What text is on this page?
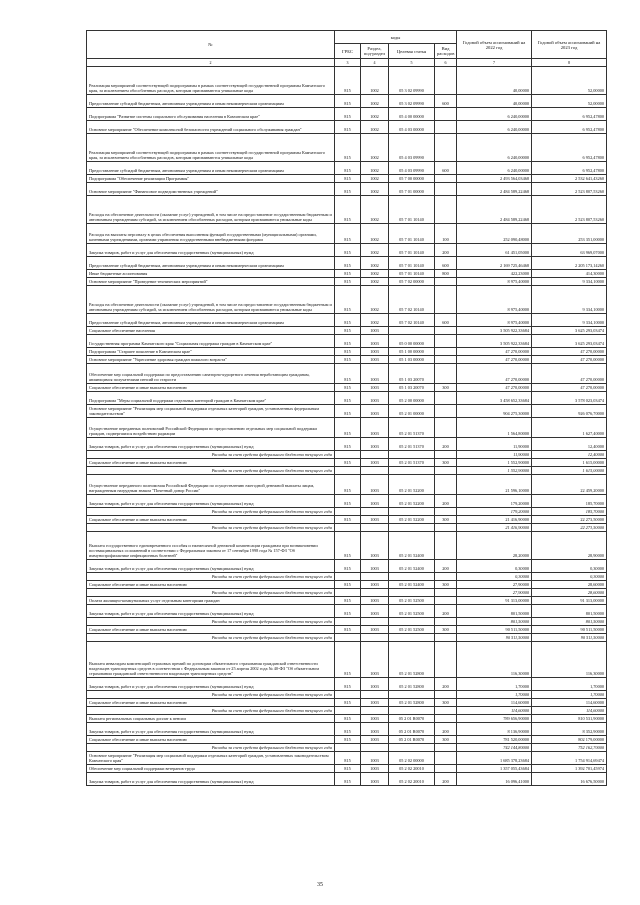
№	коды				Годовой объем ассигнований на 2022 год	Годовой объем ассигнований на 2023 год
	ГРБС	Раздел, под-раздел	Целевая статья	Вид расходов		
2	3	4	5	6	7	8
Реализация мероприятий соответствующей подпрограммы в рамках соответствующей государственной программы Камчатского края, за исключением обособленных расходов, которым присваиваются уникальные коды	815	1002	05 3 02 09990		40,00000	52,00000
Предоставление субсидий бюджетным, автономным учреждениям и иным некоммерческим организациям	815	1002	05 3 02 09990	600	40,00000	52,00000
Подпрограмма "Развитие системы социального обслуживания населения в Камчатском крае"	815	1002	05 4 00 00000		6 240,00000	6 952,47800
Основное мероприятие "Обеспечение комплексной безопасности учреждений социального обслуживания граждан"	815	1002	05 4 03 00000		6 240,00000	6 952,47800
Реализация мероприятий соответствующей подпрограммы в рамках соответствующей государственной программы Камчатского края, за исключением обособленных расходов, которым присваиваются уникальные коды	815	1002	05 4 03 09990		6 240,00000	6 952,47800
Предоставление субсидий бюджетным, автономным учреждениям и иным некоммерческим организациям	815	1002	05 4 03 09990	600	6 240,00000	6 952,47800
Подпрограмма "Обеспечение реализации Программы"	815	1002	05 7 00 00000		2 493 564,03468	2 532 641,43260
Основное мероприятие "Финансовое подведомственных учреждений"	815	1002	05 7 01 00000		2 484 589,22468	2 523 807,53260
Расходы на обеспечение деятельности (оказание услуг) учреждений, в том числе на предоставление государственным бюджетным и автономным учреждениям субсидий, за исключением обособленных расходов, которым присваиваются уникальные коды	815	1002	05 7 01 10140		2 484 589,22468	2 523 807,53260
Расходы на выплаты персоналу в целях обеспечения выполнения функций государственными (муниципальными) органами, казенными учреждениями, органами управления государственными внебюджетными фондами	815	1002	05 7 01 10140	100	252 090,48000	253 351,00000
Закупка товаров, работ и услуг для обеспечения государственных (муниципальных) нужд	815	1002	05 7 01 10140	200	61 451,05000	63 969,07000
Предоставление субсидий бюджетным, автономным учреждениям и иным некоммерческим организациям	815	1002	05 7 01 10140	600	2 169 725,46468	2 205 173,14260
Иные бюджетные ассигнования	815	1002	05 7 01 10140	800	422,23000	414,30000
Основное мероприятие "Проведение технических мероприятий"	815	1002	05 7 02 00000		8 975,40000	9 334,10000
Расходы на обеспечение деятельности (оказание услуг) учреждений, в том числе на предоставление государственным бюджетным и автономным учреждениям субсидий, за исключением обособленных расходов, которым присваиваются уникальные коды	815	1002	05 7 02 10140		8 975,40000	9 334,10000
Предоставление субсидий бюджетным, автономным учреждениям и иным некоммерческим организациям	815	1002	05 7 02 10140	600	8 975,40000	9 334,10000
Социальное обеспечение населения	815	1003			3 505 922,33684	3 625 293,03474
Государственная программа Камчатского края "Социальная поддержка граждан в Камчатском крае"	815	1003	05 0 00 00000		3 505 922,33684	3 625 293,03474
Подпрограмма "Старшее поколение в Камчатском крае"	815	1003	05 1 00 00000		47 270,00000	47 270,00000
Основное мероприятие "Укрепление здоровья граждан пожилого возраста"	815	1003	05 1 03 00000		47 270,00000	47 270,00000
Обеспечение мер социальной поддержки по предоставлению санаторно-курортного лечения неработающим гражданам, являющимся получателями пенсий по старости	815	1003	05 1 03 20070		47 270,00000	47 270,00000
Социальное обеспечение и иные выплаты населению	815	1003	05 1 03 20070	300	47 270,00000	47 270,00000
Подпрограмма "Меры социальной поддержки отдельных категорий граждан в Камчатском крае"	815	1003	05 2 00 00000		3 458 652,33684	3 578 023,03474
Основное мероприятие "Реализация мер социальной поддержки отдельных категорий граждан, установленных федеральным законодательством"	815	1003	05 2 01 00000		904 275,30000	926 076,70000
Осуществление переданных полномочий Российской Федерации по предоставлению отдельных мер социальной поддержки граждан, подвергшихся воздействию радиации	815	1003	05 2 01 51370		1 564,80000	1 627,40000
Закупка товаров, работ и услуг для обеспечения государственных (муниципальных) нужд	815	1003	05 2 01 51370	200	11,90000	12,40000
Расходы за счет средств федерального бюджета текущего года					11,90000	12,40000
Социальное обеспечение и иные выплаты населению	815	1003	05 2 01 51370	300	1 552,90000	1 615,00000
Расходы за счет средств федерального бюджета текущего года					1 552,90000	1 615,00000
Осуществление переданного полномочия Российской Федерации по осуществлению ежегодной денежной выплаты лицам, награжденным нагрудным знаком "Почетный донор России"	815	1003	05 2 01 52200		21 596,10000	22 459,20000
Закупка товаров, работ и услуг для обеспечения государственных (муниципальных) нужд	815	1003	05 2 01 52200	200	179,20000	185,70000
Расходы за счет средств федерального бюджета текущего года					179,20000	185,70000
Социальное обеспечение и иные выплаты населению	815	1003	05 2 01 52200	300	21 416,90000	22 273,50000
Расходы за счет средств федерального бюджета текущего года					21 416,90000	22 273,50000
Выплата государственного единовременного пособия и ежемесячной денежной компенсации гражданам при возникновении поствакцинальных осложнений в соответствии с Федеральным законом от 17 сентября 1998 года № 157-ФЗ "Об иммунопрофилактике инфекционных болезней"	815	1003	05 2 01 52400		28,20000	28,90000
Закупка товаров, работ и услуг для обеспечения государственных (муниципальных) нужд	815	1003	05 2 01 52400	200	0,30000	0,30000
Расходы за счет средств федерального бюджета текущего года					0,30000	0,30000
Социальное обеспечение и иные выплаты населению	815	1003	05 2 01 52400	300	27,90000	28,60000
Расходы за счет средств федерального бюджета текущего года					27,90000	28,60000
Оплата жилищно-коммунальных услуг отдельным категориям граждан	815	1003	05 2 01 52500		91 313,00000	91 313,00000
Закупка товаров, работ и услуг для обеспечения государственных (муниципальных) нужд	815	1003	05 2 01 52500	200	801,50000	801,50000
Расходы за счет средств федерального бюджета текущего года					801,50000	801,50000
Социальное обеспечение и иные выплаты населению	815	1003	05 2 01 52500	300	90 511,50000	90 511,50000
Расходы за счет средств федерального бюджета текущего года					90 511,50000	90 511,50000
Выплата инвалидам компенсаций страховых премий по договорам обязательного страхования гражданской ответственности владельцев транспортных средств в соответствии с Федеральным законом от 25 апреля 2002 года № 40-ФЗ "Об обязательном страховании гражданской ответственности владельцев транспортных средств"	815	1003	05 2 01 52800		116,30000	116,30000
Закупка товаров, работ и услуг для обеспечения государственных (муниципальных) нужд	815	1003	05 2 01 52800	200	1,70000	1,70000
Расходы за счет средств федерального бюджета текущего года					1,70000	1,70000
Социальное обеспечение и иные выплаты населению	815	1003	05 2 01 52800	300	114,60000	114,60000
Расходы за счет средств федерального бюджета текущего года					114,60000	114,60000
Выплата региональных социальных доплат к пенсии	815	1003	05 2 01 R0070		789 656,90000	810 531,90000
Закупка товаров, работ и услуг для обеспечения государственных (муниципальных) нужд	815	1003	05 2 01 R0070	200	8 136,90000	8 352,90000
Социальное обеспечение и иные выплаты населению	815	1003	05 2 01 R0070	300	781 520,00000	802 179,00000
Расходы за счет средств федерального бюджета текущего года					742 144,80000	752 162,70000
Основное мероприятие "Реализация мер социальной поддержки отдельных категорий граждан, установленных законодательством Камчатского края"	815	1003	05 2 02 00000		1 685 378,23684	1 754 914,69474
Обеспечение мер социальной поддержки ветеранов труда	815	1003	05 2 02 20010		1 357 055,43684	1 392 701,45974
Закупка товаров, работ и услуг для обеспечения государственных (муниципальных) нужд	815	1003	05 2 02 20010	200	16 096,41000	16 676,50000
35
